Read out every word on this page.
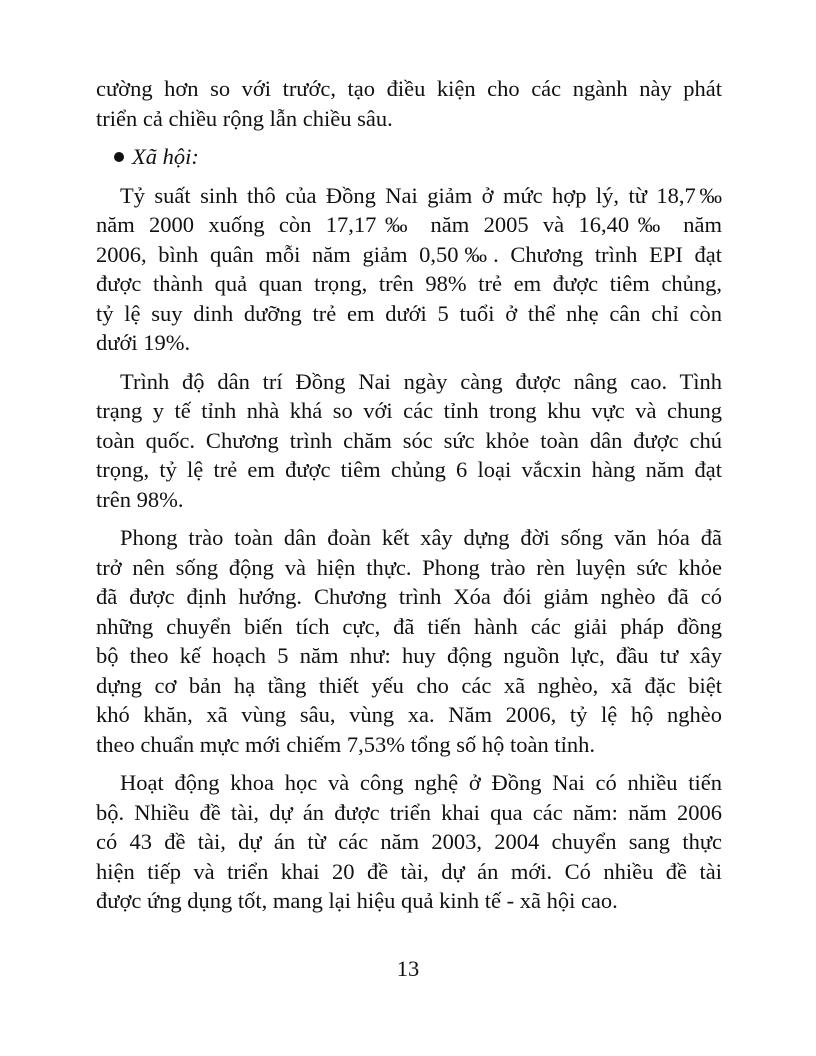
cường hơn so với trước, tạo điều kiện cho các ngành này phát
triển cả chiều rộng lẫn chiều sâu.

Xã hội:

Tỷ suất sinh thô của Đồng Nai giảm ở mức hợp lý, từ 18,7‰
năm 2000 xuống còn 17,17‰ năm 2005 và 16,40‰ năm
2006, bình quân mỗi năm giảm 0,50‰. Chương trình EPI đạt
được thành quả quan trọng, trên 98% trẻ em được tiêm chủng,
tỷ lệ suy dinh dưỡng trẻ em dưới 5 tuổi ở thể nhẹ cân chỉ còn
dưới 19%.

Trình độ dân trí Đồng Nai ngày càng được nâng cao. Tình
trạng y tế tỉnh nhà khá so với các tỉnh trong khu vực và chung
toàn quốc. Chương trình chăm sóc sức khỏe toàn dân được chú
trọng, tỷ lệ trẻ em được tiêm chủng 6 loại vắcxin hàng năm đạt
trên 98%.

Phong trào toàn dân đoàn kết xây dựng đời sống văn hóa đã
trở nên sống động và hiện thực. Phong trào rèn luyện sức khỏe
đã được định hướng. Chương trình Xóa đói giảm nghèo đã có
những chuyển biến tích cực, đã tiến hành các giải pháp đồng
bộ theo kế hoạch 5 năm như: huy động nguồn lực, đầu tư xây
dựng cơ bản hạ tầng thiết yếu cho các xã nghèo, xã đặc biệt
khó khăn, xã vùng sâu, vùng xa. Năm 2006, tỷ lệ hộ nghèo
theo chuẩn mực mới chiếm 7,53% tổng số hộ toàn tỉnh.

Hoạt động khoa học và công nghệ ở Đồng Nai có nhiều tiến
bộ. Nhiều đề tài, dự án được triển khai qua các năm: năm 2006
có 43 đề tài, dự án từ các năm 2003, 2004 chuyển sang thực
hiện tiếp và triển khai 20 đề tài, dự án mới. Có nhiều đề tài
được ứng dụng tốt, mang lại hiệu quả kinh tế - xã hội cao.

13
